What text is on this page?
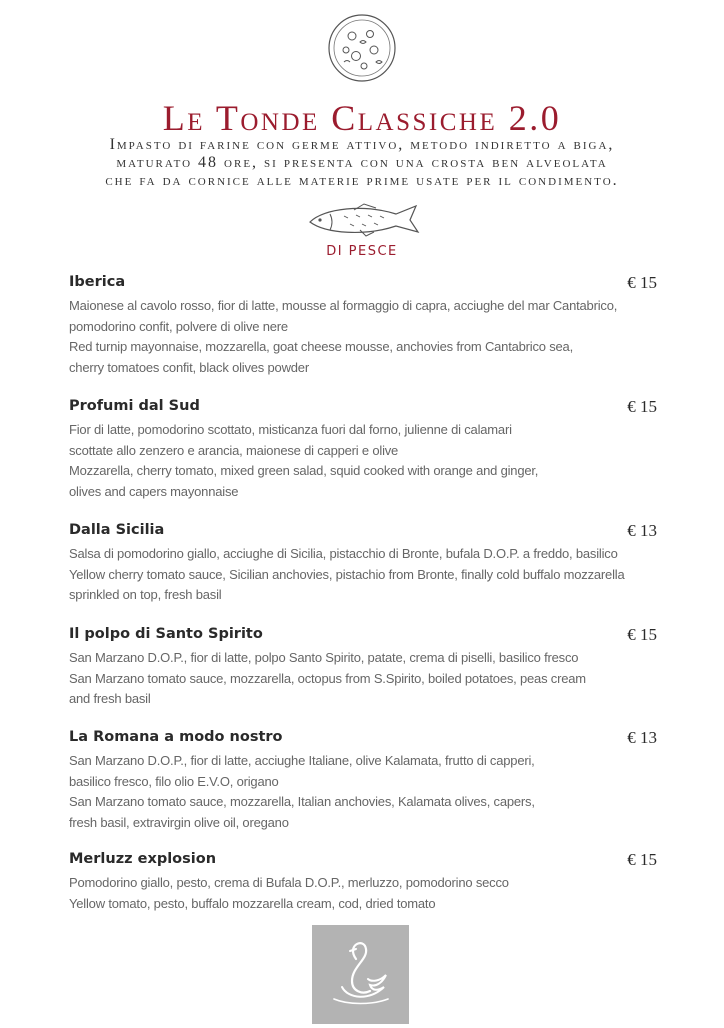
Le Tonde Classiche 2.0
Impasto di farine con germe attivo, metodo indiretto a biga,
maturato 48 ore, si presenta con una crosta ben alveolata
che fa da cornice alle materie prime usate per il condimento.
DI PESCE
Iberica	€ 15
Maionese al cavolo rosso, fior di latte, mousse al formaggio di capra, acciughe del mar Cantabrico,
pomodorino confit, polvere di olive nere
Red turnip mayonnaise, mozzarella, goat cheese mousse, anchovies from Cantabrico sea,
cherry tomatoes confit, black olives powder
Profumi dal Sud	€ 15
Fior di latte, pomodorino scottato, misticanza fuori dal forno, julienne di calamari
scottate allo zenzero e arancia, maionese di capperi e olive
Mozzarella, cherry tomato, mixed green salad, squid cooked with orange and ginger,
olives and capers mayonnaise
Dalla Sicilia	€ 13
Salsa di pomodorino giallo, acciughe di Sicilia, pistacchio di Bronte, bufala D.O.P. a freddo, basilico
Yellow cherry tomato sauce, Sicilian anchovies, pistachio from Bronte, finally cold buffalo mozzarella
sprinkled on top, fresh basil
Il polpo di Santo Spirito	€ 15
San Marzano D.O.P., fior di latte, polpo Santo Spirito, patate, crema di piselli, basilico fresco
San Marzano tomato sauce, mozzarella, octopus from S.Spirito, boiled potatoes, peas cream
and fresh basil
La Romana a modo nostro	€ 13
San Marzano D.O.P., fior di latte, acciughe Italiane, olive Kalamata, frutto di capperi,
basilico fresco, filo olio E.V.O, origano
San Marzano tomato sauce, mozzarella, Italian anchovies, Kalamata olives, capers,
fresh basil, extravirgin olive oil, oregano
Merluzz explosion	€ 15
Pomodorino giallo, pesto, crema di Bufala D.O.P., merluzzo, pomodorino secco
Yellow tomato, pesto, buffalo mozzarella cream, cod, dried tomato
